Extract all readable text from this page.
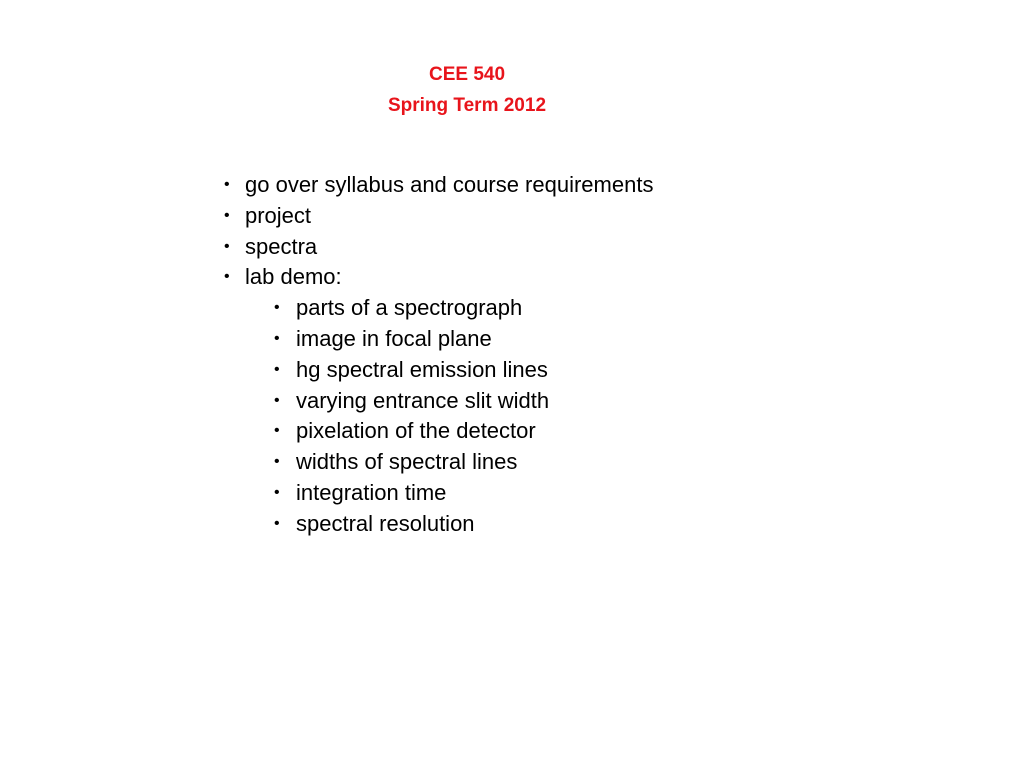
CEE 540
Spring Term 2012
• go over syllabus and course requirements
• project
• spectra
• lab demo:
• parts of a spectrograph
• image in focal plane
• hg spectral emission lines
• varying entrance slit width
• pixelation of the detector
• widths of spectral lines
• integration time
• spectral resolution
